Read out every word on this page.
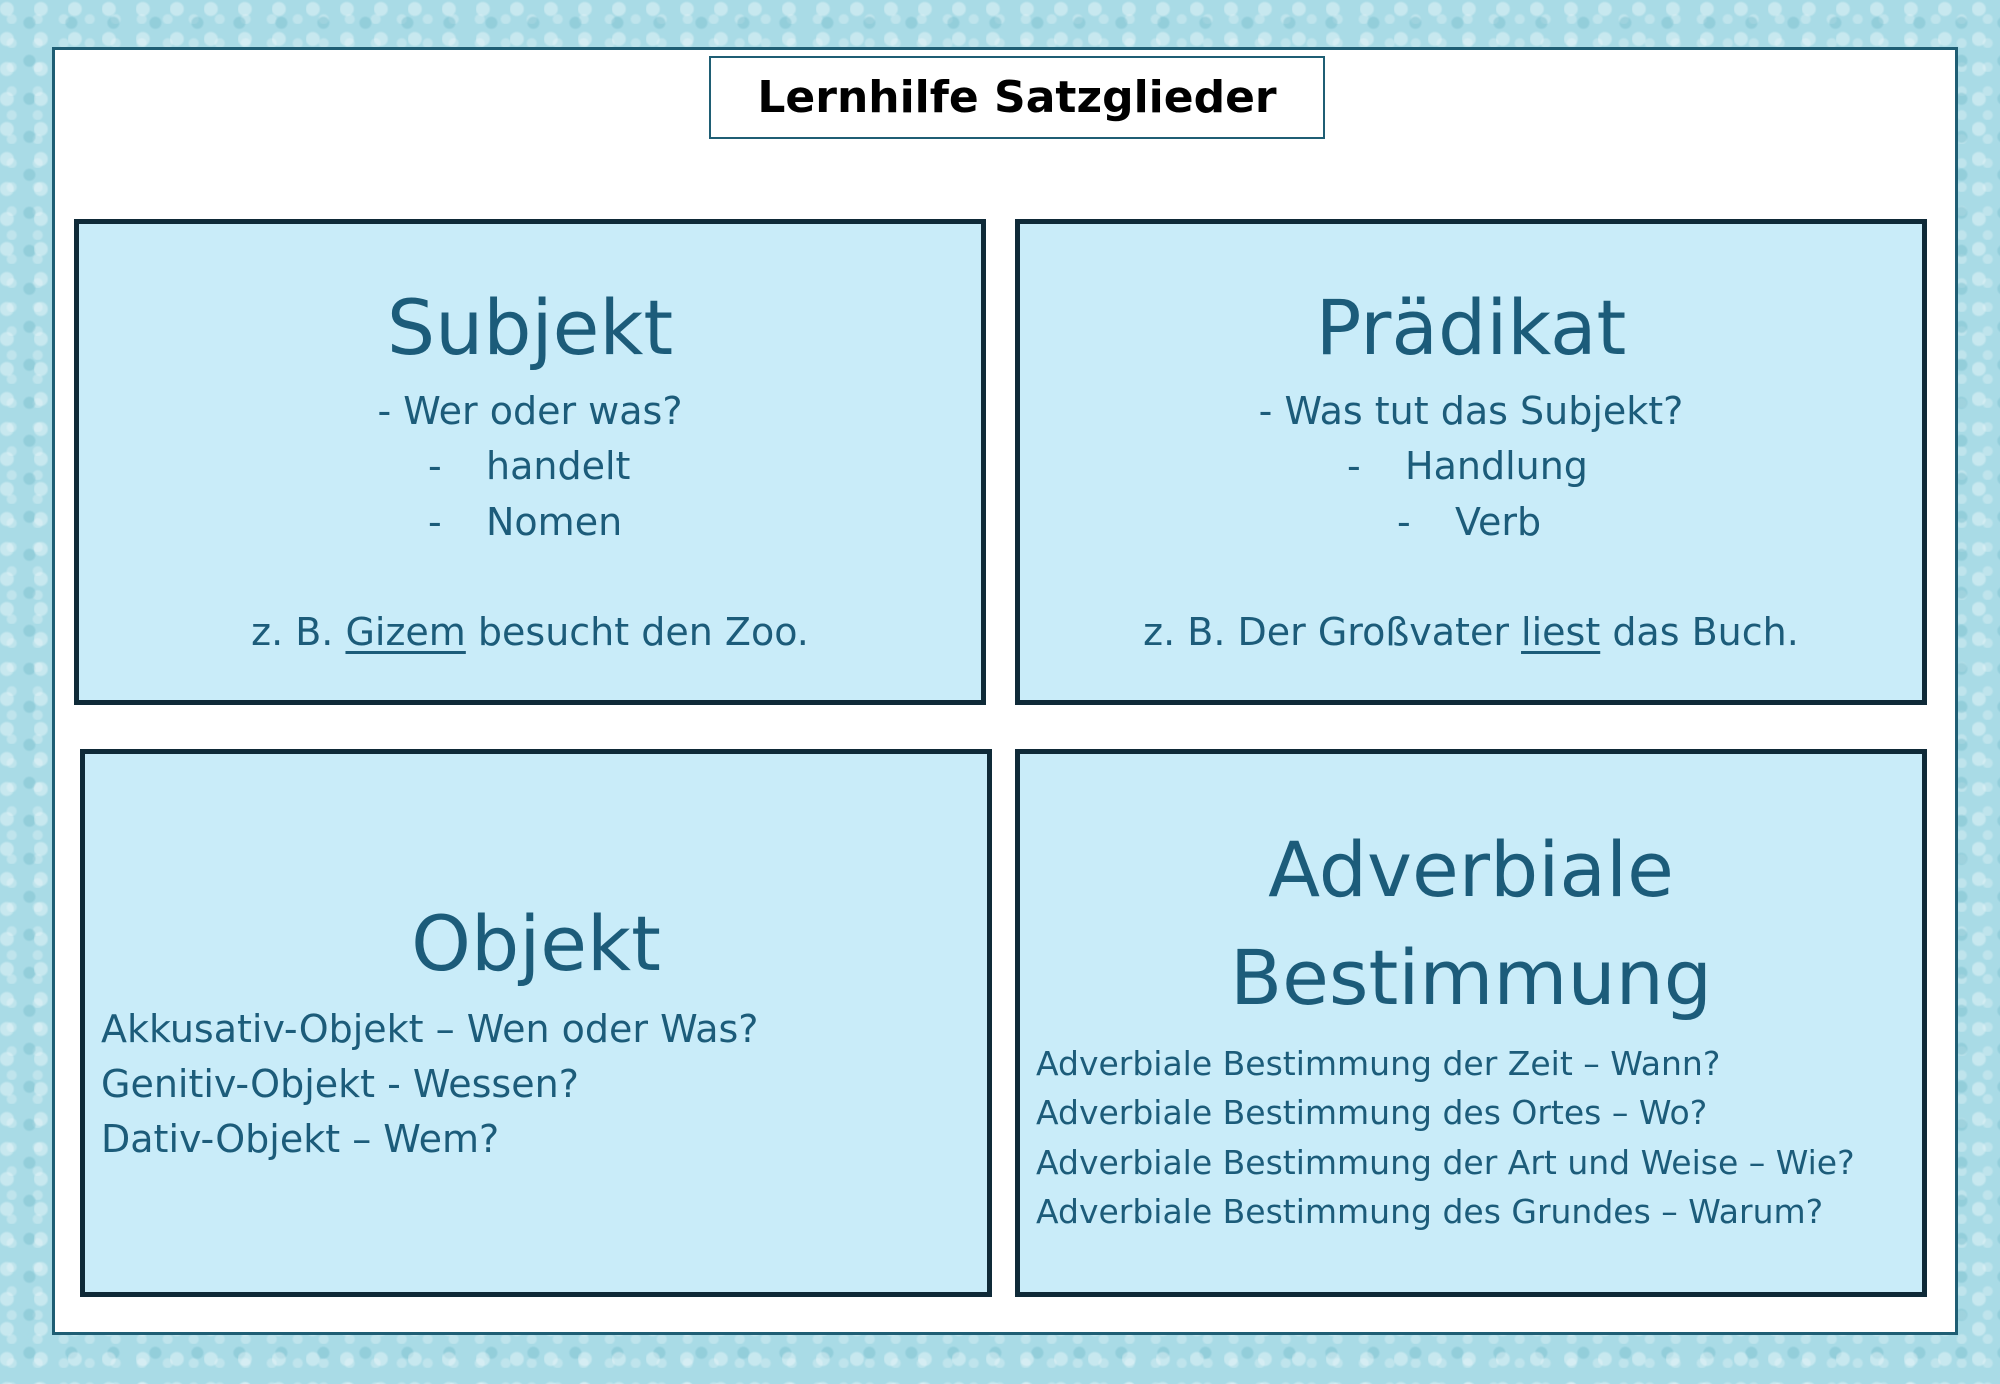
Lernhilfe Satzglieder
Subjekt
- Wer oder was?
- handelt
- Nomen
z. B. Gizem besucht den Zoo.
Prädikat
- Was tut das Subjekt?
- Handlung
- Verb
z. B. Der Großvater liest das Buch.
Objekt
Akkusativ-Objekt – Wen oder Was?
Genitiv-Objekt - Wessen?
Dativ-Objekt – Wem?
Adverbiale
Bestimmung
Adverbiale Bestimmung der Zeit – Wann?
Adverbiale Bestimmung des Ortes – Wo?
Adverbiale Bestimmung der Art und Weise – Wie?
Adverbiale Bestimmung des Grundes – Warum?
